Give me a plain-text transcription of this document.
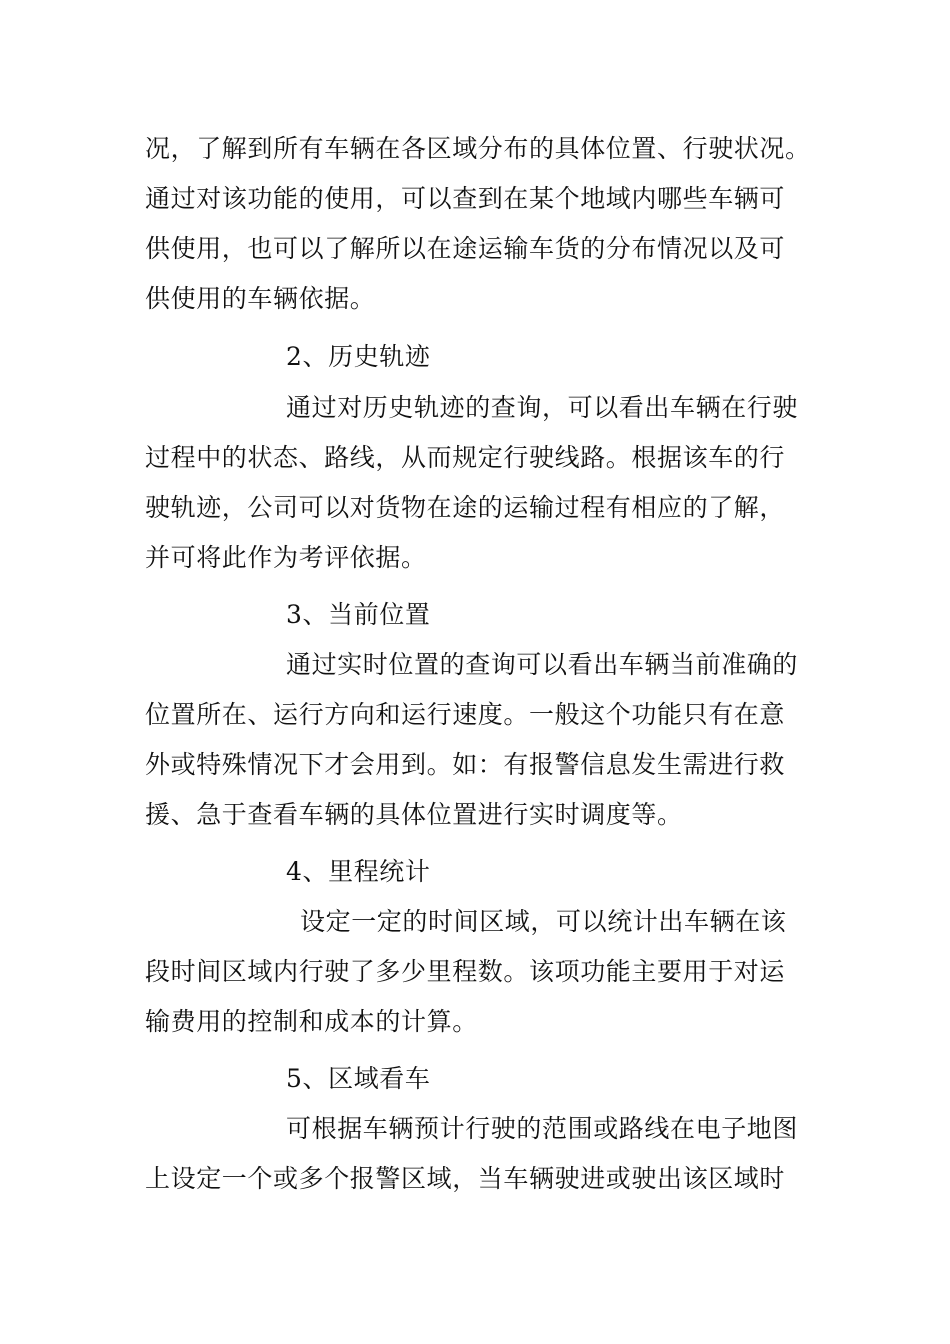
况，了解到所有车辆在各区域分布的具体位置、行驶状况。
通过对该功能的使用，可以查到在某个地域内哪些车辆可
供使用，也可以了解所以在途运输车货的分布情况以及可
供使用的车辆依据。
2、历史轨迹
通过对历史轨迹的查询，可以看出车辆在行驶
过程中的状态、路线，从而规定行驶线路。根据该车的行
驶轨迹，公司可以对货物在途的运输过程有相应的了解，
并可将此作为考评依据。
3、当前位置
通过实时位置的查询可以看出车辆当前准确的
位置所在、运行方向和运行速度。一般这个功能只有在意
外或特殊情况下才会用到。如：有报警信息发生需进行救
援、急于查看车辆的具体位置进行实时调度等。
4、里程统计
设定一定的时间区域，可以统计出车辆在该
段时间区域内行驶了多少里程数。该项功能主要用于对运
输费用的控制和成本的计算。
5、区域看车
可根据车辆预计行驶的范围或路线在电子地图
上设定一个或多个报警区域，当车辆驶进或驶出该区域时
